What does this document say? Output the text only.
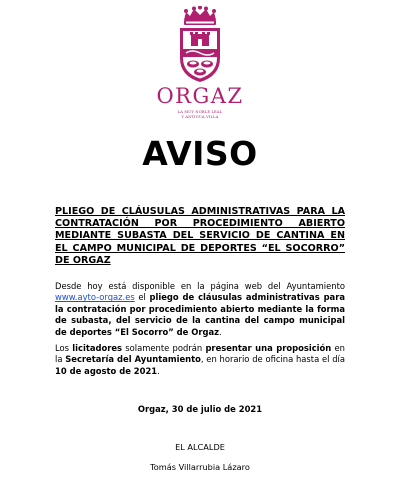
ORGAZ
LA MUY NOBLE LEAL
Y ANTIGUA VILLA
AVISO
PLIEGO DE CLÁUSULAS ADMINISTRATIVAS PARA LA
CONTRATACIÓN POR PROCEDIMIENTO ABIERTO
MEDIANTE SUBASTA DEL SERVICIO DE CANTINA EN
EL CAMPO MUNICIPAL DE DEPORTES “EL SOCORRO”
DE ORGAZ

Desde hoy está disponible en la página web del Ayuntamiento www.ayto-orgaz.es el pliego de cláusulas administrativas para la contratación por procedimiento abierto mediante la forma de subasta, del servicio de la cantina del campo municipal de deportes “El Socorro” de Orgaz.

Los licitadores solamente podrán presentar una proposición en la Secretaría del Ayuntamiento, en horario de oficina hasta el día 10 de agosto de 2021.

Orgaz, 30 de julio de 2021
EL ALCALDE
Tomás Villarrubia Lázaro
